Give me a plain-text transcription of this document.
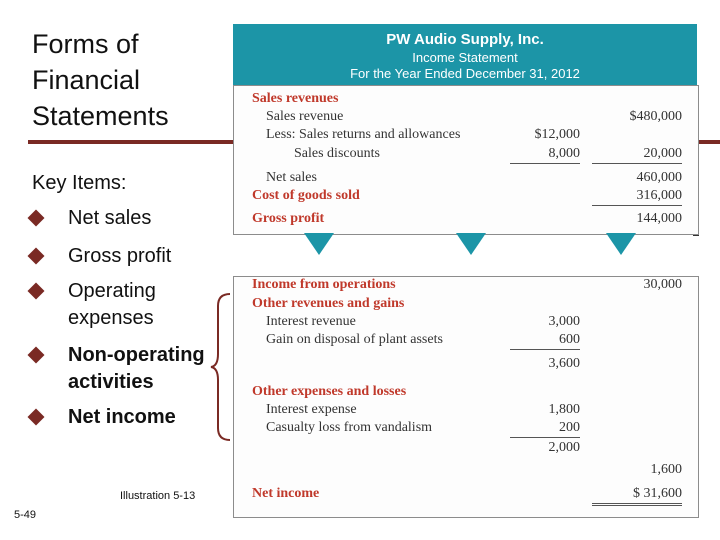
Forms of
Financial
Statements
Key Items:
Net sales
Gross profit
Operating
expenses
Non-operating
activities
Net income
Illustration 5-13
5-49
PW Audio Supply, Inc.
Income Statement
For the Year Ended December 31, 2012
Sales revenues
Sales revenue	$480,000
Less: Sales returns and allowances	$12,000
Sales discounts	8,000	20,000
Net sales	460,000
Cost of goods sold	316,000
Gross profit	144,000
Income from operations	30,000
Other revenues and gains
Interest revenue	3,000
Gain on disposal of plant assets	600
3,600
Other expenses and losses
Interest expense	1,800
Casualty loss from vandalism	200
2,000
1,600
Net income	$ 31,600
